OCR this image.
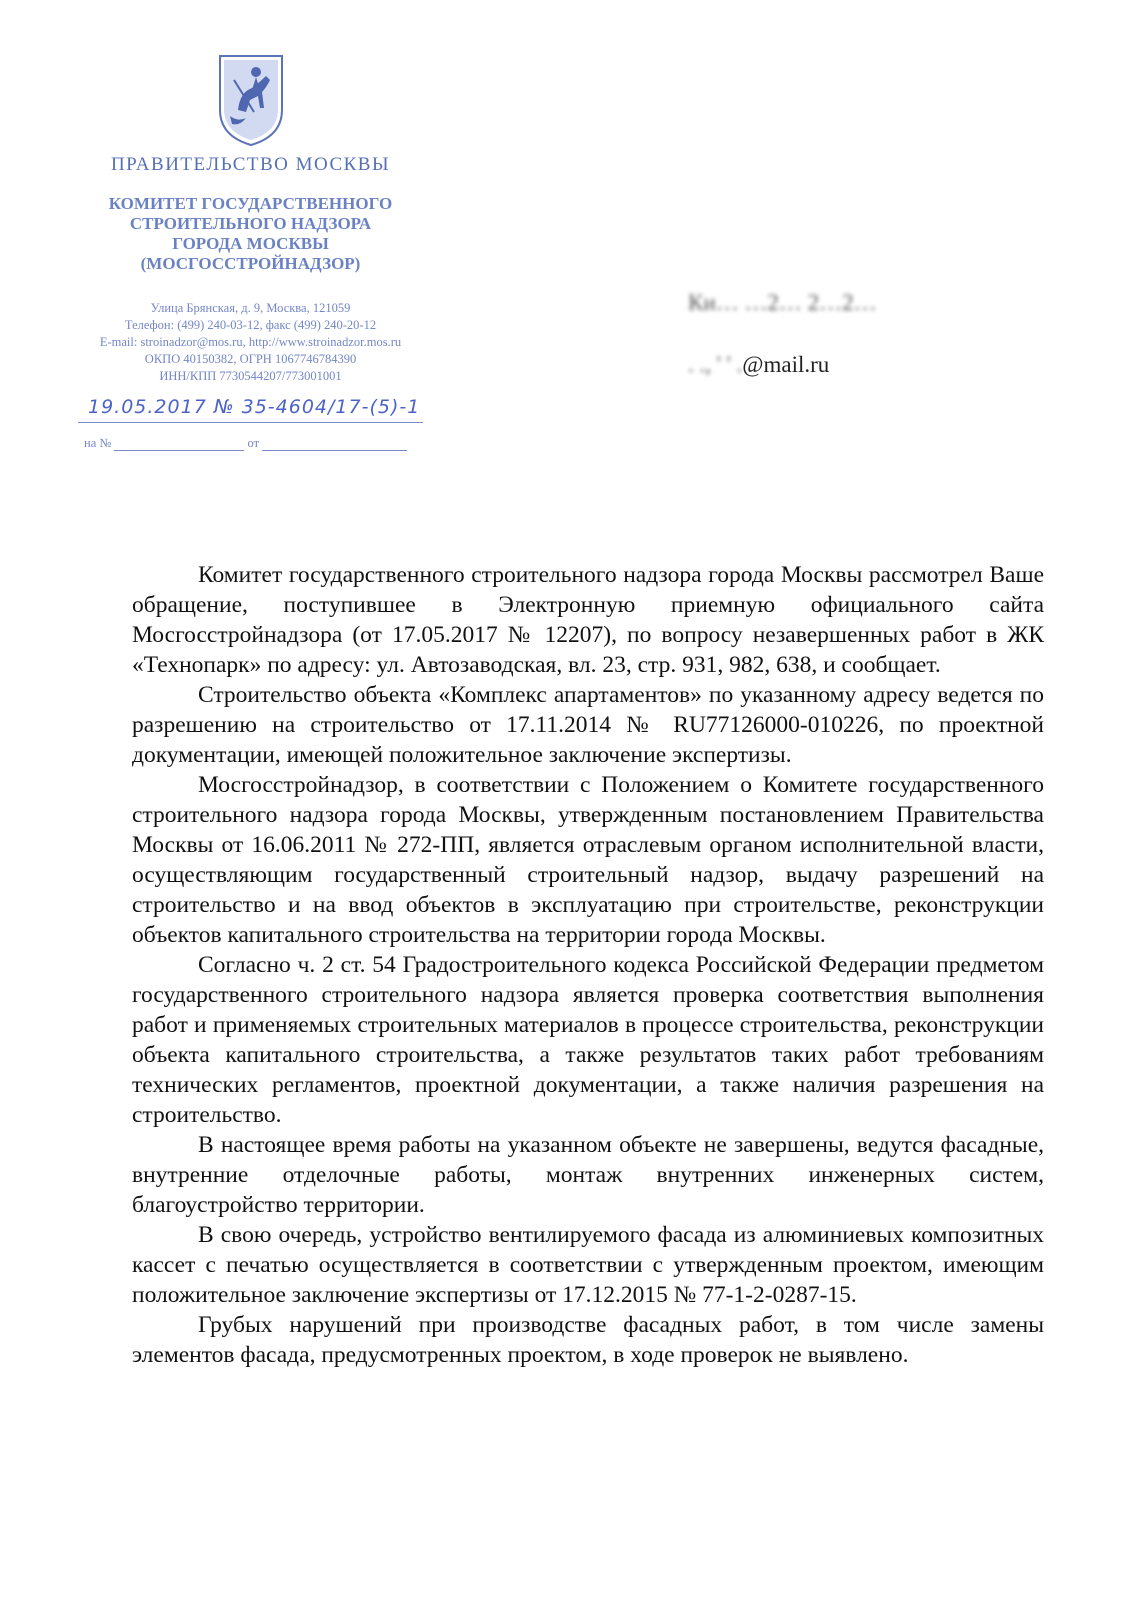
ПРАВИТЕЛЬСТВО МОСКВЫ
КОМИТЕТ ГОСУДАРСТВЕННОГО
СТРОИТЕЛЬНОГО НАДЗОРА
ГОРОДА МОСКВЫ
(МОСГОССТРОЙНАДЗОР)
Улица Брянская, д. 9, Москва, 121059
Телефон: (499) 240-03-12, факс (499) 240-20-12
E-mail: stroinadzor@mos.ru, http://www.stroinadzor.mos.ru
ОКПО 40150382, ОГРН 1067746784390
ИНН/КПП 7730544207/773001001
19.05.2017 № 35-4604/17-(5)-1
на №	от
Ки… …2… 2…2…
. ., ' ' .@mail.ru

Комитет государственного строительного надзора города Москвы рассмотрел Ваше обращение, поступившее в Электронную приемную официального сайта Мосгосстройнадзора (от 17.05.2017 № 12207), по вопросу незавершенных работ в ЖК «Технопарк» по адресу: ул. Автозаводская, вл. 23, стр. 931, 982, 638, и сообщает.

Строительство объекта «Комплекс апартаментов» по указанному адресу ведется по разрешению на строительство от 17.11.2014 № RU77126000-010226, по проектной документации, имеющей положительное заключение экспертизы.

Мосгосстройнадзор, в соответствии с Положением о Комитете государственного строительного надзора города Москвы, утвержденным постановлением Правительства Москвы от 16.06.2011 № 272-ПП, является отраслевым органом исполнительной власти, осуществляющим государственный строительный надзор, выдачу разрешений на строительство и на ввод объектов в эксплуатацию при строительстве, реконструкции объектов капитального строительства на территории города Москвы.

Согласно ч. 2 ст. 54 Градостроительного кодекса Российской Федерации предметом государственного строительного надзора является проверка соответствия выполнения работ и применяемых строительных материалов в процессе строительства, реконструкции объекта капитального строительства, а также результатов таких работ требованиям технических регламентов, проектной документации, а также наличия разрешения на строительство.

В настоящее время работы на указанном объекте не завершены, ведутся фасадные, внутренние отделочные работы, монтаж внутренних инженерных систем, благоустройство территории.

В свою очередь, устройство вентилируемого фасада из алюминиевых композитных кассет с печатью осуществляется в соответствии с утвержденным проектом, имеющим положительное заключение экспертизы от 17.12.2015 № 77-1-2-0287-15.

Грубых нарушений при производстве фасадных работ, в том числе замены элементов фасада, предусмотренных проектом, в ходе проверок не выявлено.
